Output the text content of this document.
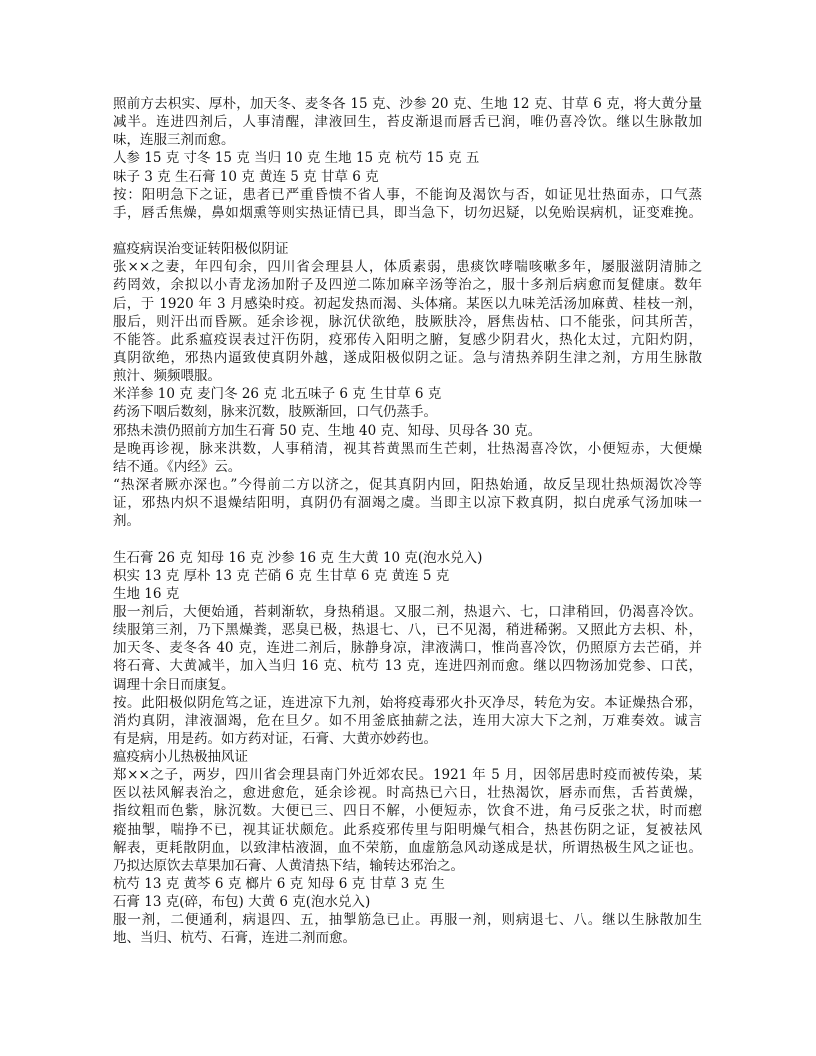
照前方去枳实、厚朴，加天冬、麦冬各 15 克、沙参 20 克、生地 12 克、甘草 6 克，将大黄分量
减半。连进四剂后，人事清醒，津液回生，苔皮渐退而唇舌已润，唯仍喜冷饮。继以生脉散加
味，连服三剂而愈。
人参 15 克 寸冬 15 克 当归 10 克 生地 15 克 杭芍 15 克 五
味子 3 克 生石膏 10 克 黄连 5 克 甘草 6 克
按：阳明急下之证，患者已严重昏愦不省人事，不能询及渴饮与否，如证见壮热面赤，口气蒸
手，唇舌焦燥，鼻如烟熏等则实热证情已具，即当急下，切勿迟疑，以免贻误病机，证变难挽。
瘟疫病误治变证转阳极似阴证
张××之妻，年四旬余，四川省会理县人，体质素弱，患痰饮哮喘咳嗽多年，屡服滋阴清肺之
药罔效，余拟以小青龙汤加附子及四逆二陈加麻辛汤等治之，服十多剂后病愈而复健康。数年
后，于 1920 年 3 月感染时疫。初起发热而渴、头体痛。某医以九味羌活汤加麻黄、桂枝一剂，
服后，则汗出而昏厥。延余诊视，脉沉伏欲绝，肢厥肤冷，唇焦齿枯、口不能张，问其所苦，
不能答。此系瘟疫误表过汗伤阴，疫邪传入阳明之腑，复感少阴君火，热化太过，亢阳灼阴，
真阴欲绝，邪热内逼致使真阴外越，遂成阳极似阴之证。急与清热养阴生津之剂，方用生脉散
煎汁、频频喂服。
米洋参 10 克 麦门冬 26 克 北五味子 6 克 生甘草 6 克
药汤下咽后数刻，脉来沉数，肢厥渐回，口气仍蒸手。
邪热未溃仍照前方加生石膏 50 克、生地 40 克、知母、贝母各 30 克。
是晚再诊视，脉来洪数，人事稍清，视其苔黄黑而生芒刺，壮热渴喜冷饮，小便短赤，大便燥
结不通。《内经》云。
“热深者厥亦深也。”今得前二方以济之，促其真阴内回，阳热始通，故反呈现壮热烦渴饮冷等
证，邪热内炽不退燥结阳明，真阴仍有涸竭之虞。当即主以凉下救真阴，拟白虎承气汤加味一
剂。
生石膏 26 克 知母 16 克 沙参 16 克 生大黄 10 克(泡水兑入)
枳实 13 克 厚朴 13 克 芒硝 6 克 生甘草 6 克 黄连 5 克
生地 16 克
服一剂后，大便始通，苔刺渐软，身热稍退。又服二剂，热退六、七，口津稍回，仍渴喜冷饮。
续服第三剂，乃下黑燥粪，恶臭已极，热退七、八，已不见渴，稍进稀粥。又照此方去枳、朴，
加天冬、麦冬各 40 克，连进二剂后，脉静身凉，津液满口，惟尚喜冷饮，仍照原方去芒硝，并
将石膏、大黄减半，加入当归 16 克、杭芍 13 克，连进四剂而愈。继以四物汤加党参、口芪，
调理十余日而康复。
按。此阳极似阴危笃之证，连进凉下九剂，始将疫毒邪火扑灭净尽，转危为安。本证燥热合邪，
消灼真阴，津液涸竭，危在旦夕。如不用釜底抽薪之法，连用大凉大下之剂，万难奏效。诚言
有是病，用是药。如方药对证，石膏、大黄亦妙药也。
瘟疫病小儿热极抽风证
郑××之子，两岁，四川省会理县南门外近郊农民。1921 年 5 月，因邻居患时疫而被传染，某
医以祛风解表治之，愈进愈危，延余诊视。时高热已六日，壮热渴饮，唇赤而焦，舌苔黄燥，
指纹粗而色紫，脉沉数。大便已三、四日不解，小便短赤，饮食不进，角弓反张之状，时而瘛
瘲抽掣，喘挣不已，视其证状颇危。此系疫邪传里与阳明燥气相合，热甚伤阴之证，复被祛风
解表，更耗散阴血，以致津枯液涸，血不荣筋，血虚筋急风动遂成是状，所谓热极生风之证也。
乃拟达原饮去草果加石膏、人黄清热下结，输转达邪治之。
杭芍 13 克 黄芩 6 克 榔片 6 克 知母 6 克 甘草 3 克 生
石膏 13 克(碎，布包) 大黄 6 克(泡水兑入)
服一剂，二便通利，病退四、五，抽掣筋急已止。再服一剂，则病退七、八。继以生脉散加生
地、当归、杭芍、石膏，连进二剂而愈。
